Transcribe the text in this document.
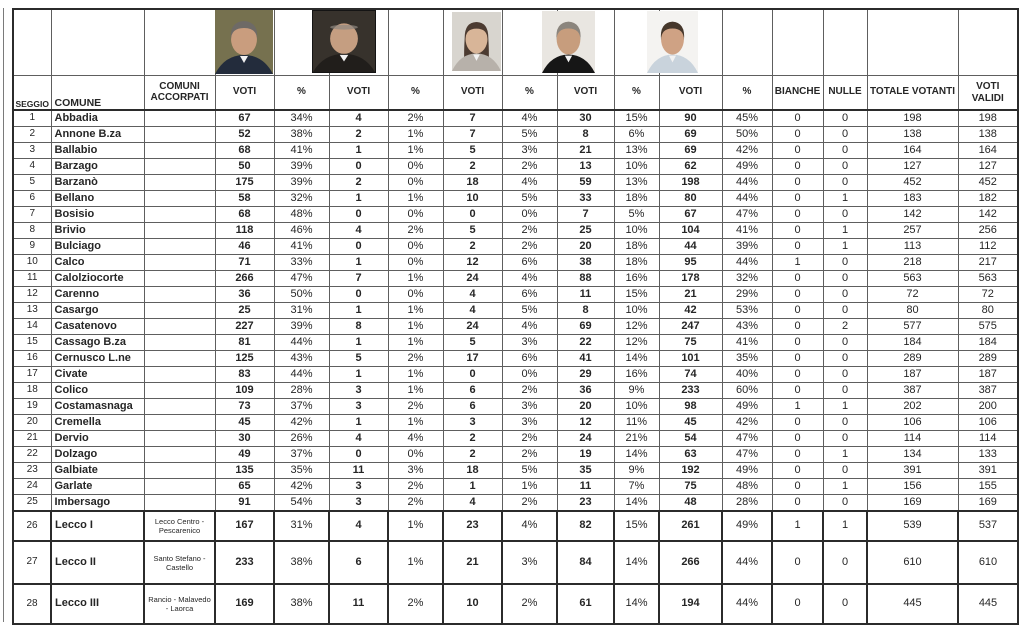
SEGGIO	COMUNE	COMUNI ACCORPATI	VOTI	%	VOTI	%	VOTI	%	VOTI	%	VOTI	%	BIANCHE	NULLE	TOTALE VOTANTI	VOTI VALIDI
1	Abbadia		67	34%	4	2%	7	4%	30	15%	90	45%	0	0	198	198
2	Annone B.za		52	38%	2	1%	7	5%	8	6%	69	50%	0	0	138	138
3	Ballabio		68	41%	1	1%	5	3%	21	13%	69	42%	0	0	164	164
4	Barzago		50	39%	0	0%	2	2%	13	10%	62	49%	0	0	127	127
5	Barzanò		175	39%	2	0%	18	4%	59	13%	198	44%	0	0	452	452
6	Bellano		58	32%	1	1%	10	5%	33	18%	80	44%	0	1	183	182
7	Bosisio		68	48%	0	0%	0	0%	7	5%	67	47%	0	0	142	142
8	Brivio		118	46%	4	2%	5	2%	25	10%	104	41%	0	1	257	256
9	Bulciago		46	41%	0	0%	2	2%	20	18%	44	39%	0	1	113	112
10	Calco		71	33%	1	0%	12	6%	38	18%	95	44%	1	0	218	217
11	Calolziocorte		266	47%	7	1%	24	4%	88	16%	178	32%	0	0	563	563
12	Carenno		36	50%	0	0%	4	6%	11	15%	21	29%	0	0	72	72
13	Casargo		25	31%	1	1%	4	5%	8	10%	42	53%	0	0	80	80
14	Casatenovo		227	39%	8	1%	24	4%	69	12%	247	43%	0	2	577	575
15	Cassago B.za		81	44%	1	1%	5	3%	22	12%	75	41%	0	0	184	184
16	Cernusco L.ne		125	43%	5	2%	17	6%	41	14%	101	35%	0	0	289	289
17	Civate		83	44%	1	1%	0	0%	29	16%	74	40%	0	0	187	187
18	Colico		109	28%	3	1%	6	2%	36	9%	233	60%	0	0	387	387
19	Costamasnaga		73	37%	3	2%	6	3%	20	10%	98	49%	1	1	202	200
20	Cremella		45	42%	1	1%	3	3%	12	11%	45	42%	0	0	106	106
21	Dervio		30	26%	4	4%	2	2%	24	21%	54	47%	0	0	114	114
22	Dolzago		49	37%	0	0%	2	2%	19	14%	63	47%	0	1	134	133
23	Galbiate		135	35%	11	3%	18	5%	35	9%	192	49%	0	0	391	391
24	Garlate		65	42%	3	2%	1	1%	11	7%	75	48%	0	1	156	155
25	Imbersago		91	54%	3	2%	4	2%	23	14%	48	28%	0	0	169	169
26	Lecco I	Lecco Centro - Pescarenico	167	31%	4	1%	23	4%	82	15%	261	49%	1	1	539	537
27	Lecco II	Santo Stefano - Castello	233	38%	6	1%	21	3%	84	14%	266	44%	0	0	610	610
28	Lecco III	Rancio - Malavedo - Laorca	169	38%	11	2%	10	2%	61	14%	194	44%	0	0	445	445
